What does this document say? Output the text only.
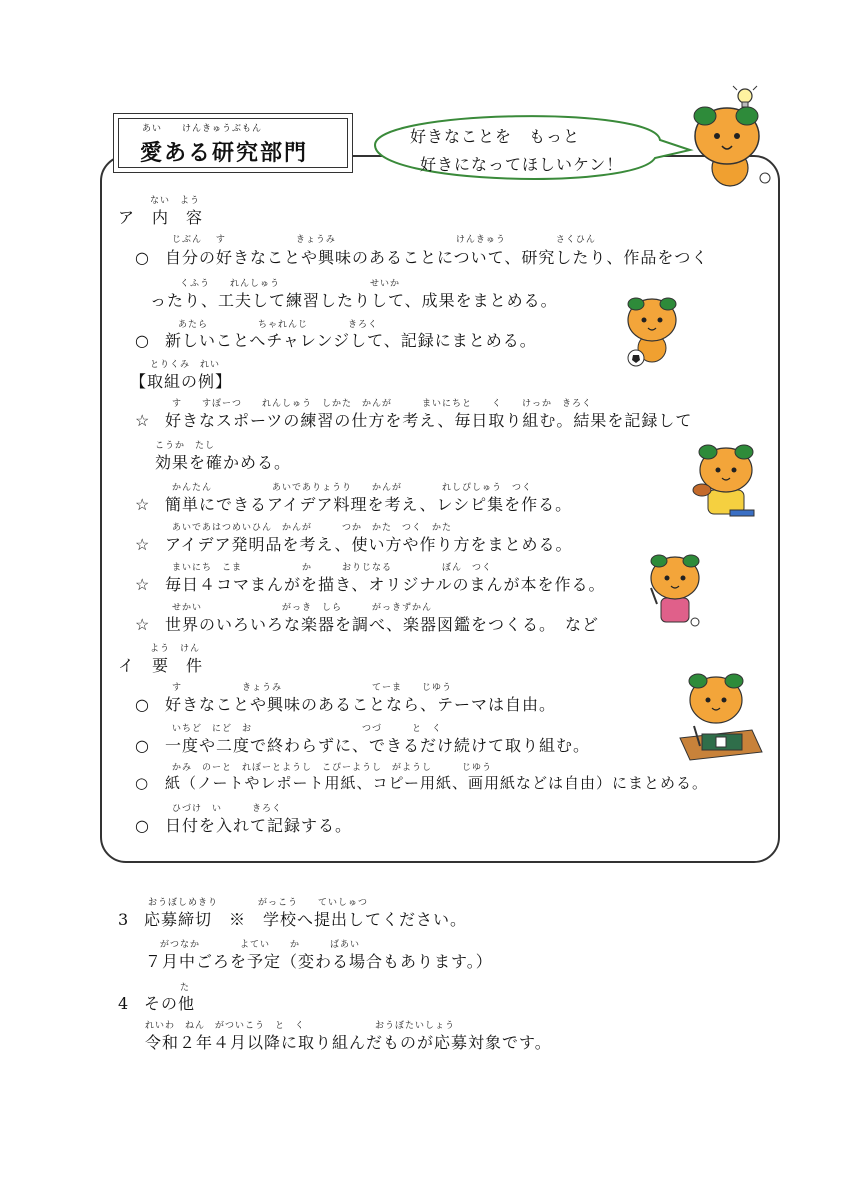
あい　　けんきゅうぶもん
愛ある研究部門
好きなことを　もっと
好きになってほしいケン！
ない　よう
ア　内　容
じぶん　 す　　　　　　　きょうみ　　　　　　　　　　　　けんきゅう　　　　　さくひん
○ 自分の好きなことや興味のあることについて、研究したり、作品をつく
　　　くふう　　れんしゅう　　　　　　　　　せいか
ったり、工夫して練習したりして、成果をまとめる。
あたら　　　　　ちゃれんじ　　　　きろく
○ 新しいことへチャレンジして、記録にまとめる。
とりくみ　れい
【取組の例】
す　　すぽーつ　　れんしゅう　しかた　かんが　　　まいにちと　　く　　けっか　きろく
☆ 好きなスポーツの練習の仕方を考え、毎日取り組む。結果を記録して
こうか　たし
効果を確かめる。
かんたん　　　　　　あいでありょうり　　かんが　　　　れしぴしゅう　つく
☆ 簡単にできるアイデア料理を考え、レシピ集を作る。
あいであはつめいひん　かんが　　　つか　かた　つく　かた
☆ アイデア発明品を考え、使い方や作り方をまとめる。
まいにち　こま　　　　　　か　　　おりじなる　　　　　ぼん　つく
☆ 毎日４コマまんがを描き、オリジナルのまんが本を作る。
せかい　　　　　　　　がっき　しら　　　がっきずかん
☆ 世界のいろいろな楽器を調べ、楽器図鑑をつくる。　など
よう　けん
イ　要　件
す　　　　　　きょうみ　　　　　　　　　てーま　　じゆう
○ 好きなことや興味のあることなら、テーマは自由。
いちど　にど　お　　　　　　　　　　　つづ　　　と　く
○ 一度や二度で終わらずに、できるだけ続けて取り組む。
かみ　のーと　れぽーとようし　こぴーようし　がようし　　　じゆう
○ 紙（ノートやレポート用紙、コピー用紙、画用紙などは自由）にまとめる。
ひづけ　い　　　きろく
○ 日付を入れて記録する。
おうぼしめきり　　　　がっこう　　ていしゅつ
3 応募締切　※　学校へ提出してください。
がつなか　　　　よてい　　か　　　ばあい
７月中ごろを予定（変わる場合もあります。）
た
4 その他
れいわ　ねん　がついこう　と　く　　　　　　　おうぼたいしょう
令和２年４月以降に取り組んだものが応募対象です。
